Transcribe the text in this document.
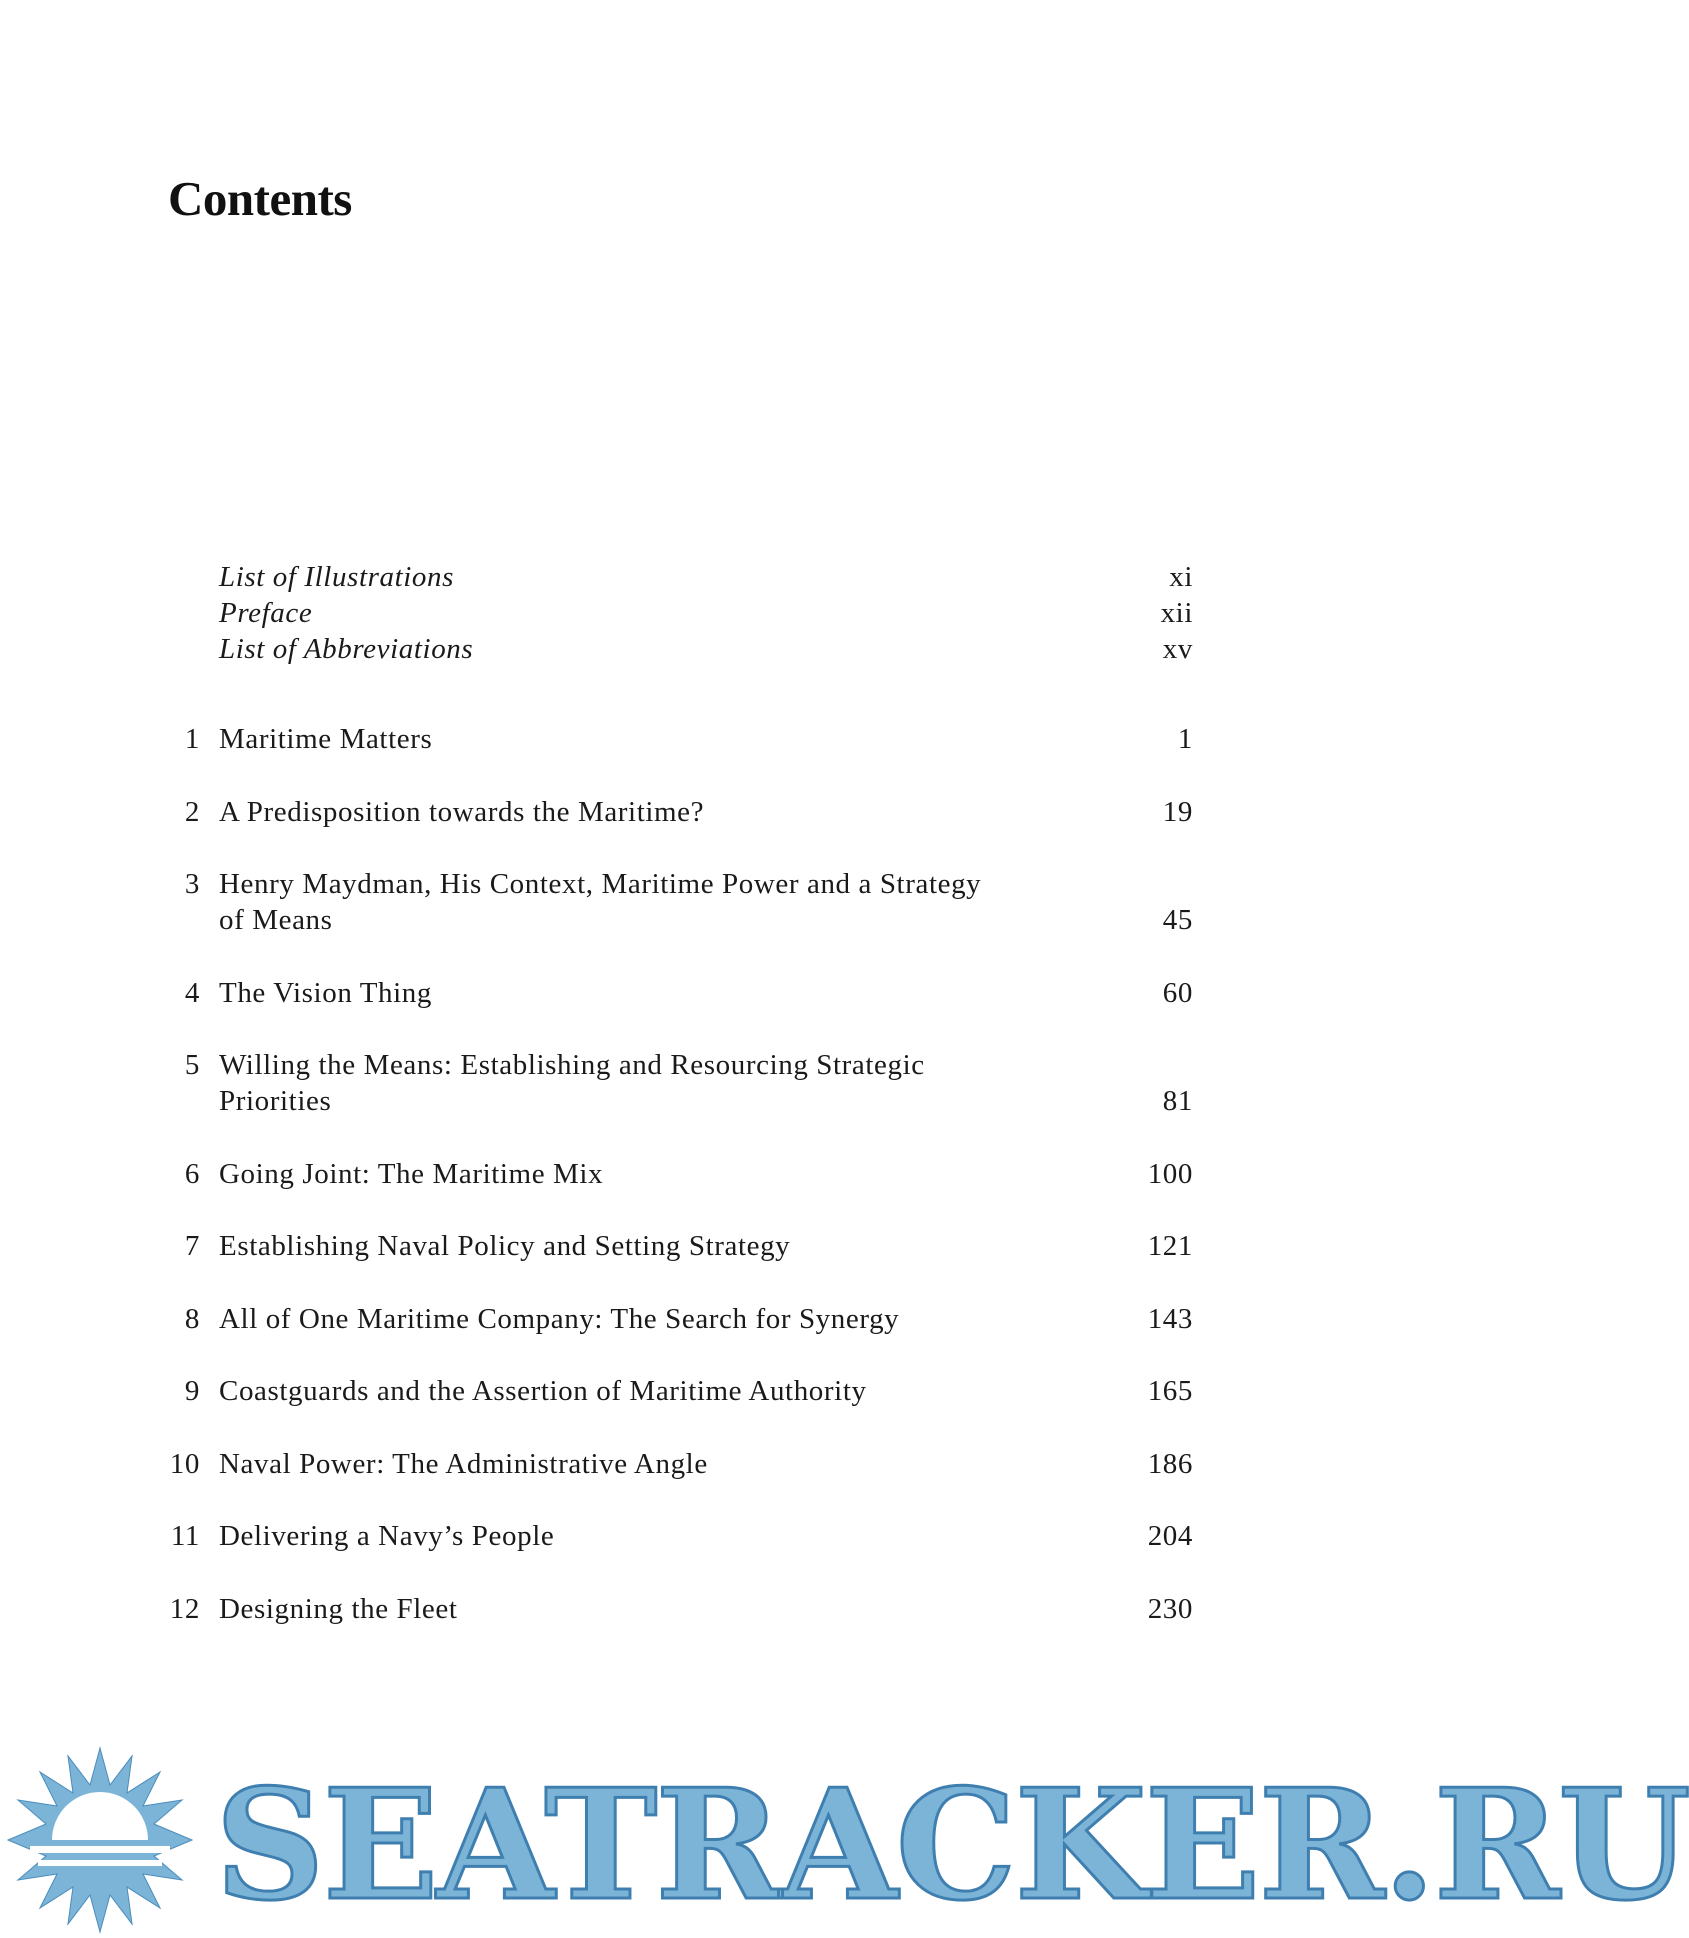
Contents
List of Illustrations	xi
Preface	xii
List of Abbreviations	xv
1 Maritime Matters	1
2 A Predisposition towards the Maritime?	19
3 Henry Maydman, His Context, Maritime Power and a Strategy
of Means	45
4 The Vision Thing	60
5 Willing the Means: Establishing and Resourcing Strategic
Priorities	81
6 Going Joint: The Maritime Mix	100
7 Establishing Naval Policy and Setting Strategy	121
8 All of One Maritime Company: The Search for Synergy	143
9 Coastguards and the Assertion of Maritime Authority	165
10 Naval Power: The Administrative Angle	186
11 Delivering a Navy’s People	204
12 Designing the Fleet	230
SEATRACKER.RU
